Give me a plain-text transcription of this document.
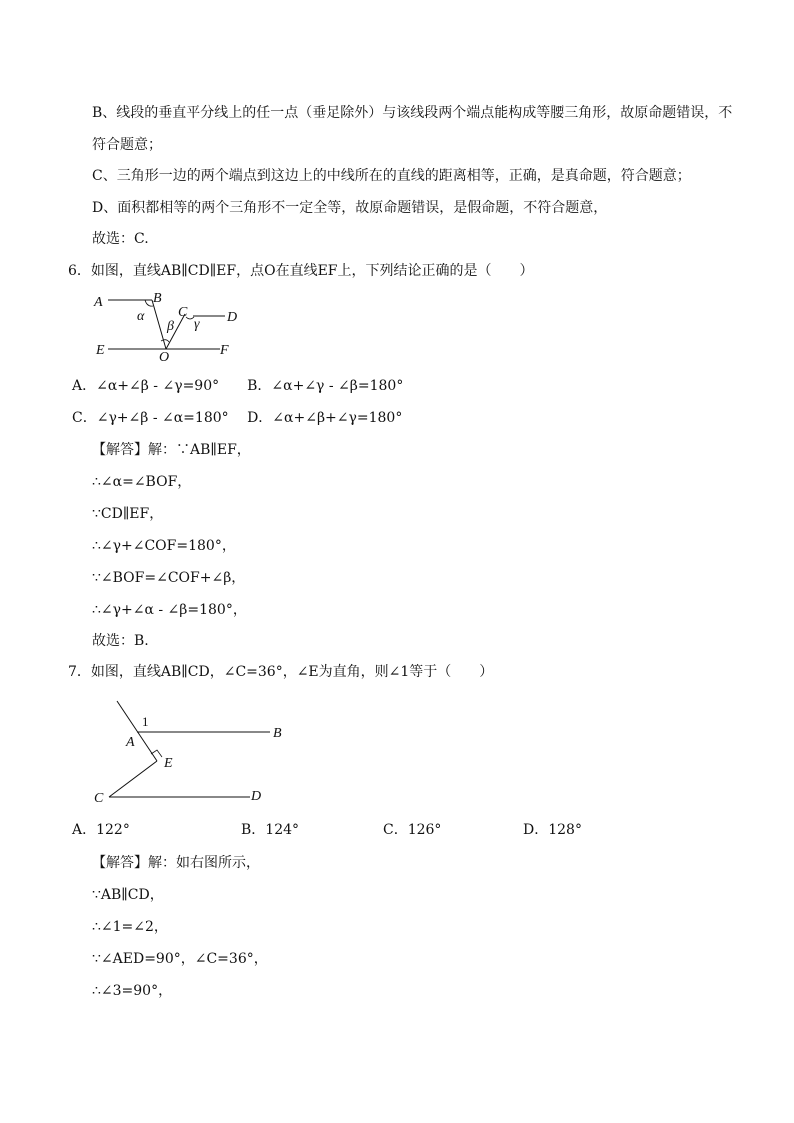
B、线段的垂直平分线上的任一点（垂足除外）与该线段两个端点能构成等腰三角形，故原命题错误，不
符合题意；
C、三角形一边的两个端点到这边上的中线所在的直线的距离相等，正确，是真命题，符合题意；
D、面积都相等的两个三角形不一定全等，故原命题错误，是假命题，不符合题意，
故选：C.
6．如图，直线AB∥CD∥EF，点O在直线EF上，下列结论正确的是（　　）
A	B
C	D
E	F
O
α
β γ
A．∠α+∠β - ∠γ=90°　　B．∠α+∠γ - ∠β=180°
C．∠γ+∠β - ∠α=180°　 D．∠α+∠β+∠γ=180°
【解答】解：∵AB∥EF，
∴∠α=∠BOF，
∵CD∥EF，
∴∠γ+∠COF=180°，
∵∠BOF=∠COF+∠β，
∴∠γ+∠α - ∠β=180°，
故选：B.
7．如图，直线AB∥CD，∠C=36°，∠E为直角，则∠1等于（　　）
1
A
B
E
C	D
A．122°	B．124°	C．126°	D．128°
【解答】解：如右图所示，
∵AB∥CD，
∴∠1=∠2，
∵∠AED=90°，∠C=36°，
∴∠3=90°，
